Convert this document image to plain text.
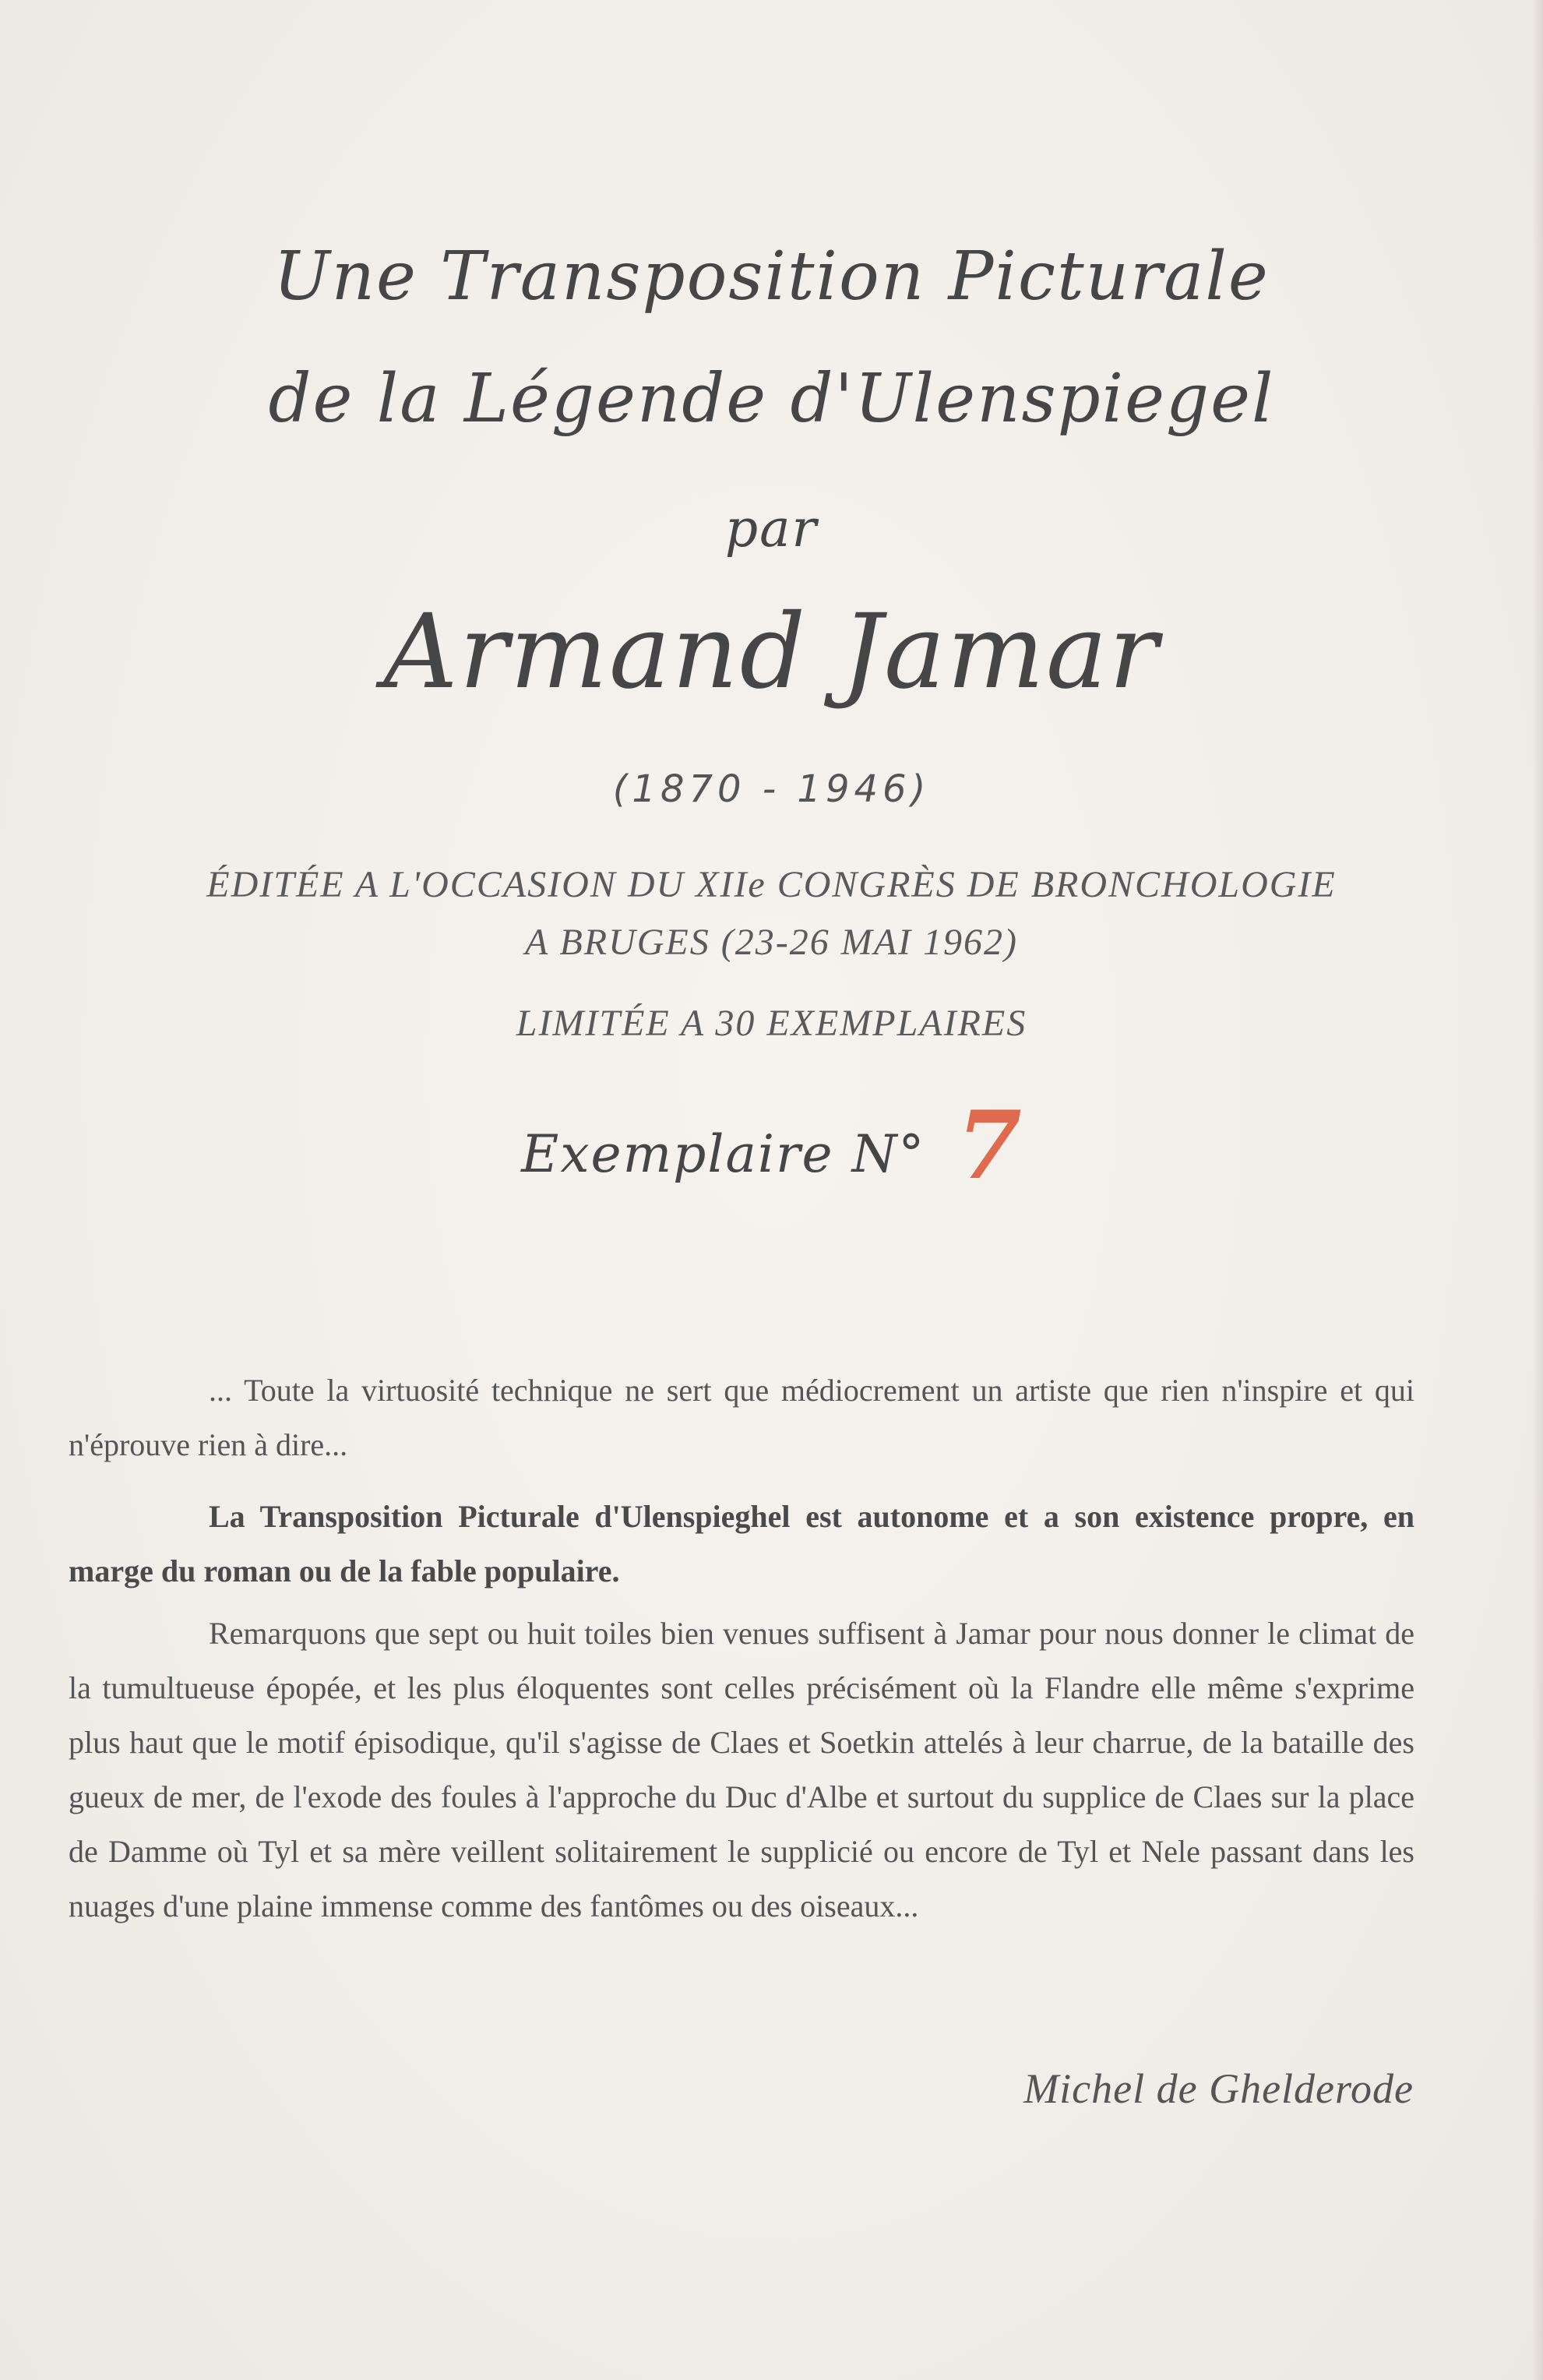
Une Transposition Picturale
de la Légende d'Ulenspiegel
par
Armand Jamar
(1870 - 1946)
ÉDITÉE A L'OCCASION DU XIIe CONGRÈS DE BRONCHOLOGIE
A BRUGES (23-26 MAI 1962)
LIMITÉE A 30 EXEMPLAIRES
Exemplaire N° 7

... Toute la virtuosité technique ne sert que médiocrement un artiste que rien n'inspire et qui n'éprouve rien à dire...

La Transposition Picturale d'Ulenspieghel est autonome et a son existence propre, en marge du roman ou de la fable populaire.

Remarquons que sept ou huit toiles bien venues suffisent à Jamar pour nous donner le climat de la tumultueuse épopée, et les plus éloquentes sont celles précisément où la Flandre elle même s'exprime plus haut que le motif épisodique, qu'il s'agisse de Claes et Soetkin attelés à leur charrue, de la bataille des gueux de mer, de l'exode des foules à l'approche du Duc d'Albe et surtout du supplice de Claes sur la place de Damme où Tyl et sa mère veillent solitairement le supplicié ou encore de Tyl et Nele passant dans les nuages d'une plaine immense comme des fantômes ou des oiseaux...

Michel de Ghelderode
